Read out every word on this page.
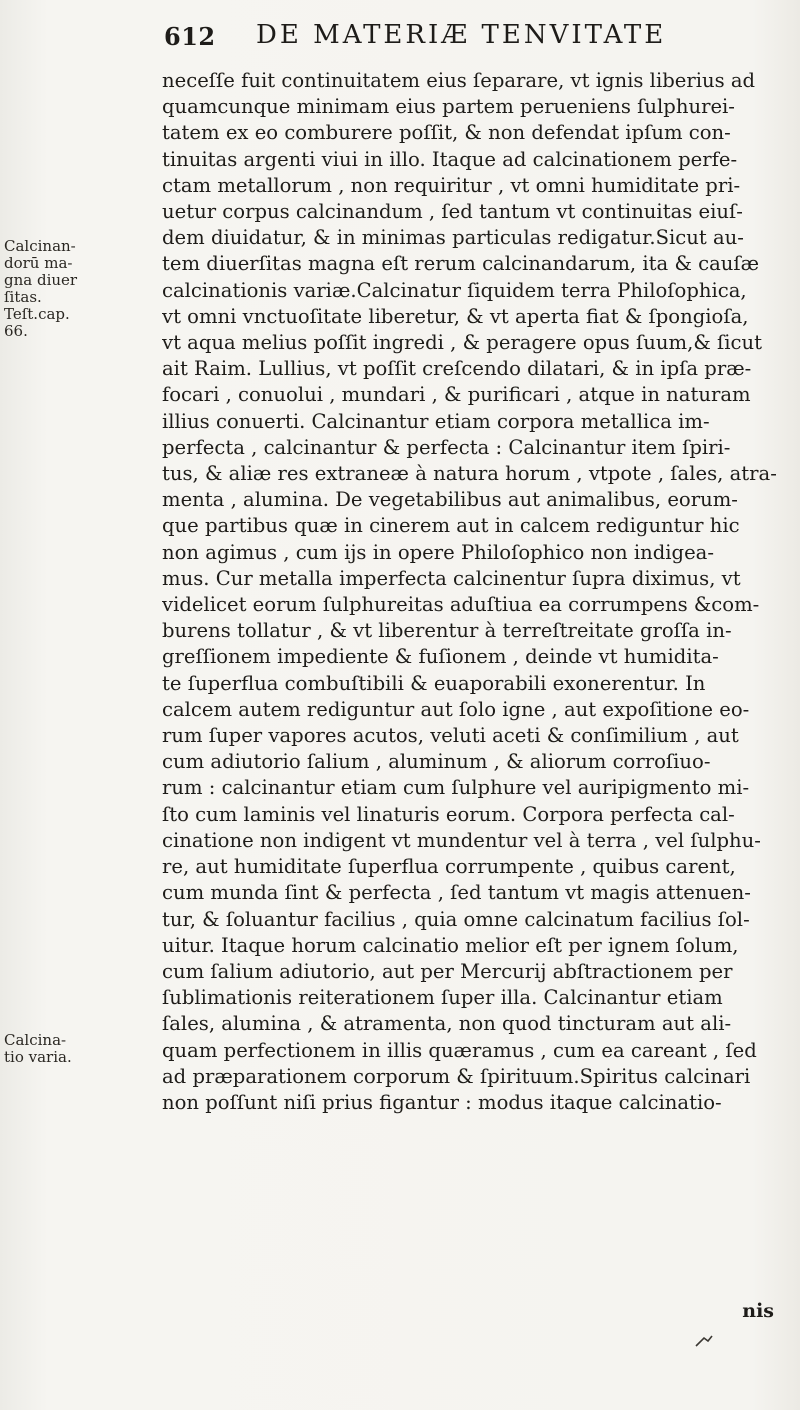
612 DE MATERIÆ TENVITATE
Calcinan-
dorū ma-
gna diuer
ſitas.
Teſt.cap.
66.
Calcina-
tio varia.
neceſſe fuit continuitatem eius ſeparare, vt ignis liberius ad
quamcunque minimam eius partem perueniens ſulphurei-
tatem ex eo comburere poſſit, & non defendat ipſum con-
tinuitas argenti viui in illo. Itaque ad calcinationem perfe-
ctam metallorum , non requiritur , vt omni humiditate pri-
uetur corpus calcinandum , ſed tantum vt continuitas eiuſ-
dem diuidatur, & in minimas particulas redigatur.Sicut au-
tem diuerſitas magna eſt rerum calcinandarum, ita & cauſæ
calcinationis variæ.Calcinatur ſiquidem terra Philoſophica,
vt omni vnctuoſitate liberetur, & vt aperta fiat & ſpongioſa,
vt aqua melius poſſit ingredi , & peragere opus ſuum,& ſicut
ait Raim. Lullius, vt poſſit creſcendo dilatari, & in ipſa præ-
focari , conuolui , mundari , & purificari , atque in naturam
illius conuerti. Calcinantur etiam corpora metallica im-
perfecta , calcinantur & perfecta : Calcinantur item ſpiri-
tus, & aliæ res extraneæ à natura horum , vtpote , ſales, atra-
menta , alumina. De vegetabilibus aut animalibus, eorum-
que partibus quæ in cinerem aut in calcem rediguntur hic
non agimus , cum ijs in opere Philoſophico non indigea-
mus. Cur metalla imperfecta calcinentur ſupra diximus, vt
videlicet eorum ſulphureitas aduſtiua ea corrumpens &com-
burens tollatur , & vt liberentur à terreſtreitate groſſa in-
greſſionem impediente & fuſionem , deinde vt humidita-
te ſuperflua combuſtibili & euaporabili exonerentur. In
calcem autem rediguntur aut ſolo igne , aut expoſitione eo-
rum ſuper vapores acutos, veluti aceti & conſimilium , aut
cum adiutorio ſalium , aluminum , & aliorum corroſiuo-
rum : calcinantur etiam cum ſulphure vel auripigmento mi-
ſto cum laminis vel linaturis eorum. Corpora perfecta cal-
cinatione non indigent vt mundentur vel à terra , vel ſulphu-
re, aut humiditate ſuperflua corrumpente , quibus carent,
cum munda ſint & perfecta , ſed tantum vt magis attenuen-
tur, & ſoluantur facilius , quia omne calcinatum facilius ſol-
uitur. Itaque horum calcinatio melior eſt per ignem ſolum,
cum ſalium adiutorio, aut per Mercurij abſtractionem per
ſublimationis reiterationem ſuper illa. Calcinantur etiam
ſales, alumina , & atramenta, non quod tincturam aut ali-
quam perfectionem in illis quæramus , cum ea careant , ſed
ad præparationem corporum & ſpirituum.Spiritus calcinari
non poſſunt niſi prius figantur : modus itaque calcinatio-
nis
